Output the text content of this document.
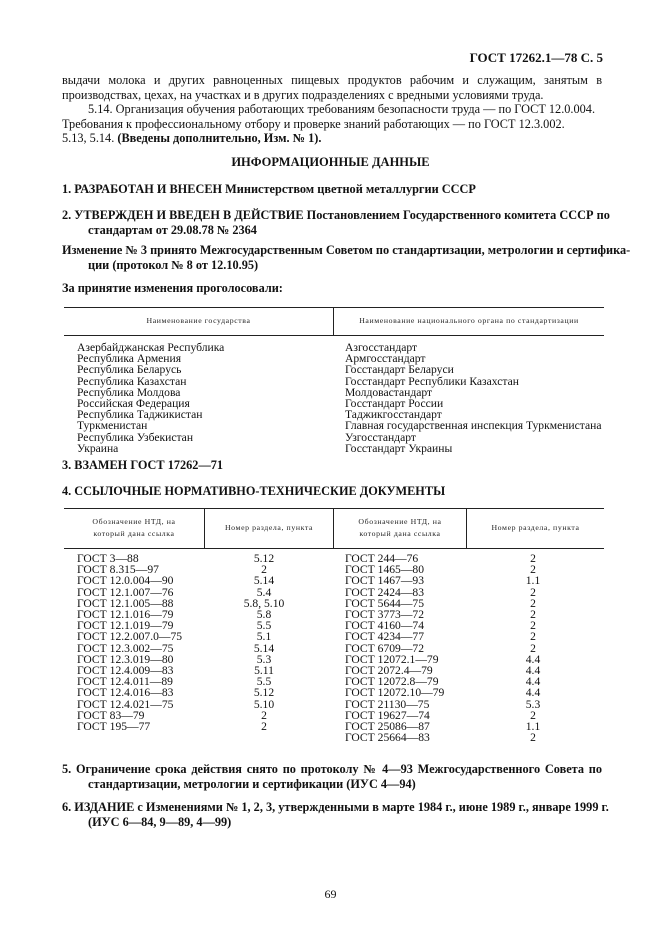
ГОСТ 17262.1—78 С. 5
выдачи молока и других равноценных пищевых продуктов рабочим и служащим, занятым в
производствах, цехах, на участках и в других подразделениях с вредными условиями труда.
5.14. Организация обучения работающих требованиям безопасности труда — по ГОСТ 12.0.004.
Требования к профессиональному отбору и проверке знаний работающих — по ГОСТ 12.3.002.
5.13, 5.14. (Введены дополнительно, Изм. № 1).
ИНФОРМАЦИОННЫЕ ДАННЫЕ
1. РАЗРАБОТАН И ВНЕСЕН Министерством цветной металлургии СССР
2. УТВЕРЖДЕН И ВВЕДЕН В ДЕЙСТВИЕ Постановлением Государственного комитета СССР по
стандартам от 29.08.78 № 2364
Изменение № 3 принято Межгосударственным Советом по стандартизации, метрологии и сертифика-
ции (протокол № 8 от 12.10.95)
За принятие изменения проголосовали:
Наименование государства	Наименование национального органа по стандартизации
Азербайджанская Республика
Республика Армения
Республика Беларусь
Республика Казахстан
Республика Молдова
Российская Федерация
Республика Таджикистан
Туркменистан
Республика Узбекистан
Украина
Азгосстандарт
Армгосстандарт
Госстандарт Беларуси
Госстандарт Республики Казахстан
Молдовастандарт
Госстандарт России
Таджикгосстандарт
Главная государственная инспекция Туркменистана
Узгосстандарт
Госстандарт Украины
3. ВЗАМЕН ГОСТ 17262—71
4. ССЫЛОЧНЫЕ НОРМАТИВНО-ТЕХНИЧЕСКИЕ ДОКУМЕНТЫ
Обозначение НТД, на
который дана ссылка
Номер раздела, пункта
Обозначение НТД, на
который дана ссылка
Номер раздела, пункта
ГОСТ 3—88
ГОСТ 8.315—97
ГОСТ 12.0.004—90
ГОСТ 12.1.007—76
ГОСТ 12.1.005—88
ГОСТ 12.1.016—79
ГОСТ 12.1.019—79
ГОСТ 12.2.007.0—75
ГОСТ 12.3.002—75
ГОСТ 12.3.019—80
ГОСТ 12.4.009—83
ГОСТ 12.4.011—89
ГОСТ 12.4.016—83
ГОСТ 12.4.021—75
ГОСТ 83—79
ГОСТ 195—77
5.12
2
5.14
5.4
5.8, 5.10
5.8
5.5
5.1
5.14
5.3
5.11
5.5
5.12
5.10
2
2
ГОСТ 244—76
ГОСТ 1465—80
ГОСТ 1467—93
ГОСТ 2424—83
ГОСТ 5644—75
ГОСТ 3773—72
ГОСТ 4160—74
ГОСТ 4234—77
ГОСТ 6709—72
ГОСТ 12072.1—79
ГОСТ 2072.4—79
ГОСТ 12072.8—79
ГОСТ 12072.10—79
ГОСТ 21130—75
ГОСТ 19627—74
ГОСТ 25086—87
ГОСТ 25664—83
2
2
1.1
2
2
2
2
2
2
4.4
4.4
4.4
4.4
5.3
2
1.1
2
5. Ограничение срока действия снято по протоколу № 4—93 Межгосударственного Совета по
стандартизации, метрологии и сертификации (ИУС 4—94)
6. ИЗДАНИЕ с Изменениями № 1, 2, 3, утвержденными в марте 1984 г., июне 1989 г., январе 1999 г.
(ИУС 6—84, 9—89, 4—99)
69
